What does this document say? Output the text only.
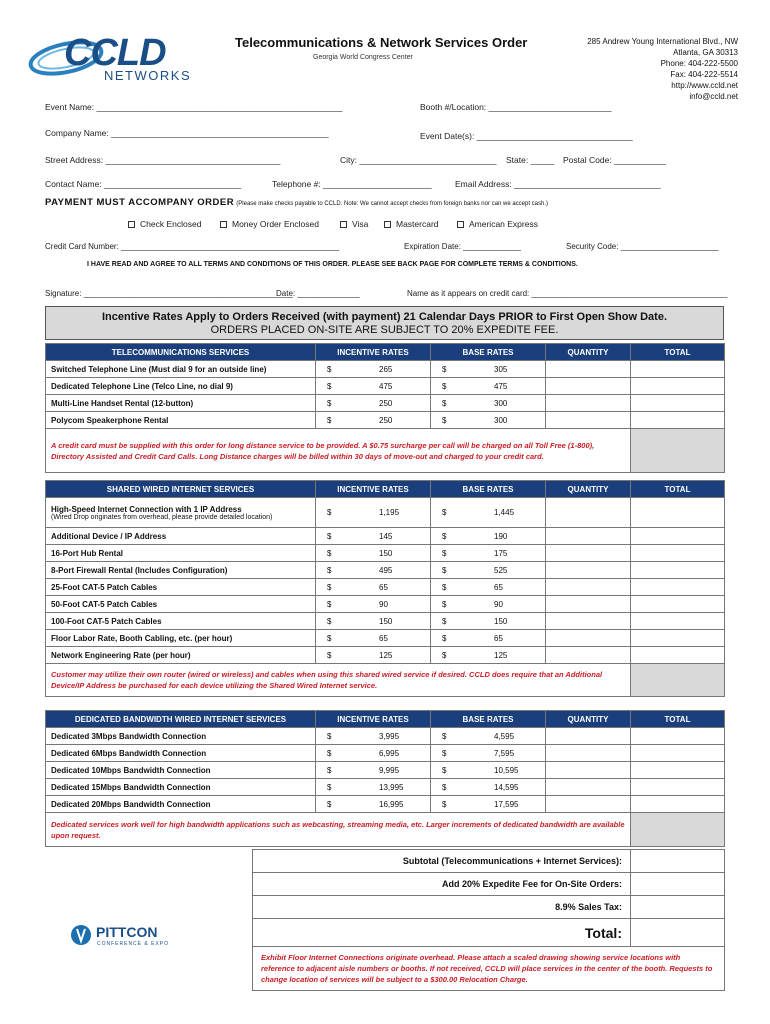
CCLD
NETWORKS
Telecommunications & Network Services Order
Georgia World Congress Center
285 Andrew Young International Blvd., NW
Atlanta, GA 30313
Phone: 404-222-5500
Fax: 404-222-5514
http://www.ccld.net
info@ccld.net
Event Name: ____________________________________________________	Booth #/Location: __________________________
Company Name: ______________________________________________	Event Date(s): _________________________________
Street Address: _____________________________________	City: _____________________________ State: _____ Postal Code: ___________
Contact Name: _____________________________	Telephone #: _______________________	Email Address: _______________________________
PAYMENT MUST ACCOMPANY ORDER (Please make checks payable to CCLD. Note: We cannot accept checks from foreign banks nor can we accept cash.)
Check Enclosed	Money Order Enclosed	Visa	Mastercard	American Express
Credit Card Number: _________________________________________________	Expiration Date: _____________	Security Code: ______________________
I HAVE READ AND AGREE TO ALL TERMS AND CONDITIONS OF THIS ORDER. PLEASE SEE BACK PAGE FOR COMPLETE TERMS & CONDITIONS.
Signature: _______________________________________________
Date: ______________	Name as it appears on credit card: ____________________________________________
Incentive Rates Apply to Orders Received (with payment) 21 Calendar Days PRIOR to First Open Show Date.
ORDERS PLACED ON-SITE ARE SUBJECT TO 20% EXPEDITE FEE.
TELECOMMUNICATIONS SERVICES	INCENTIVE RATES	BASE RATES	QUANTITY	TOTAL
Switched Telephone Line (Must dial 9 for an outside line)	$ 265	$ 305		

Dedicated Telephone Line (Telco Line, no dial 9)	$ 475	$ 475		

Multi-Line Handset Rental (12-button)	$ 250	$ 300		

Polycom Speakerphone Rental	$ 250	$ 300		

A credit card must be supplied with this order for long distance service to be provided. A $0.75 surcharge per call will be charged on all Toll Free (1-800), Directory Assisted and Credit Card Calls. Long Distance charges will be billed within 30 days of move-out and charged to your credit card.				
SHARED WIRED INTERNET SERVICES	INCENTIVE RATES	BASE RATES	QUANTITY	TOTAL
High-Speed Internet Connection with 1 IP Address
(Wired Drop originates from overhead, please provide detailed location)	$ 1,195	$ 1,445		

Additional Device / IP Address	$ 145	$ 190		

16-Port Hub Rental	$ 150	$ 175		

8-Port Firewall Rental (Includes Configuration)	$ 495	$ 525		

25-Foot CAT-5 Patch Cables	$ 65	$ 65		

50-Foot CAT-5 Patch Cables	$ 90	$ 90		

100-Foot CAT-5 Patch Cables	$ 150	$ 150		

Floor Labor Rate, Booth Cabling, etc. (per hour)	$ 65	$ 65		

Network Engineering Rate (per hour)	$ 125	$ 125		

Customer may utilize their own router (wired or wireless) and cables when using this shared wired service if desired. CCLD does require that an Additional Device/IP Address be purchased for each device utilizing the Shared Wired Internet service.				
DEDICATED BANDWIDTH WIRED INTERNET SERVICES	INCENTIVE RATES	BASE RATES	QUANTITY	TOTAL
Dedicated 3Mbps Bandwidth Connection	$ 3,995	$ 4,595		

Dedicated 6Mbps Bandwidth Connection	$ 6,995	$ 7,595		

Dedicated 10Mbps Bandwidth Connection	$ 9,995	$ 10,595		

Dedicated 15Mbps Bandwidth Connection	$ 13,995	$ 14,595		

Dedicated 20Mbps Bandwidth Connection	$ 16,995	$ 17,595		

Dedicated services work well for high bandwidth applications such as webcasting, streaming media, etc. Larger increments of dedicated bandwidth are available upon request.				
Subtotal (Telecommunications + Internet Services):	
Add 20% Expedite Fee for On-Site Orders:	
8.9% Sales Tax:	
Total:	
Exhibit Floor Internet Connections originate overhead. Please attach a scaled drawing showing service locations with reference to adjacent aisle numbers or booths. If not received, CCLD will place services in the center of the booth. Requests to change location of services will be subject to a $300.00 Relocation Charge.	
PITTCON
CONFERENCE & EXPO
